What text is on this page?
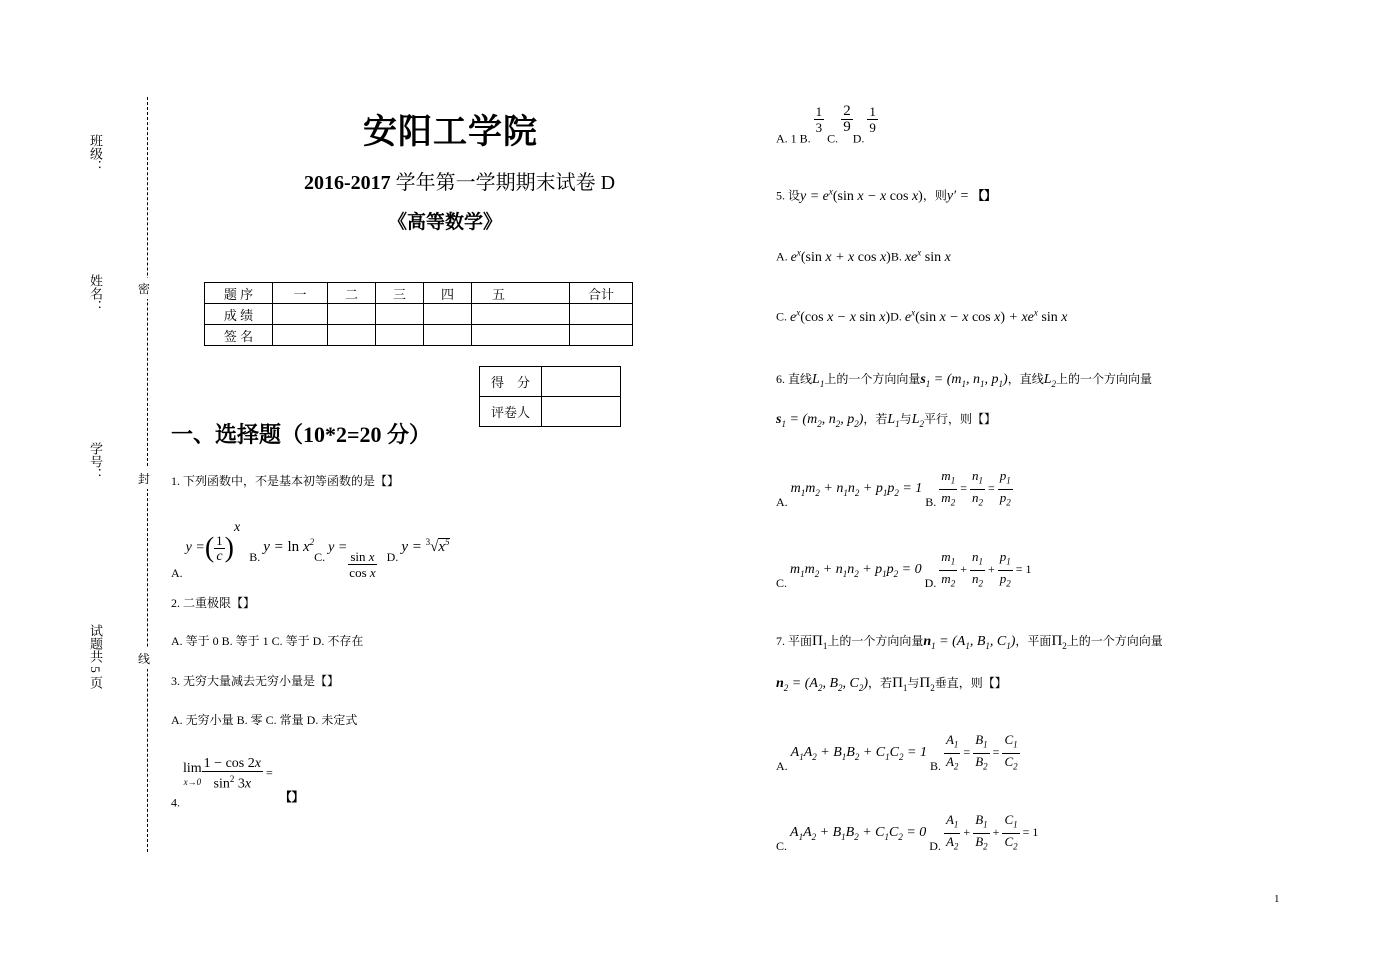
班级：
姓名：
学号：
试题共 5 页
密
封
线
安阳工学院
2016-2017 学年第一学期期末试卷 D
《高等数学》
题 序	一	二	三	四	五	合计
成 绩						
签 名						
得　分	
评卷人	
一、选择题（10*2=20 分）
1. 下列函数中，不是基本初等函数的是【】
A. y =( $\frac{1}{c} )^x$ B. $y = \ln x^2C$. y =
$\frac{\text{sin x}}{\text{cos x}} D$. $y = ^3√x^5$
2. 二重极限【】
A. 等于 0 B. 等于 1 C. 等于 D. 不存在
3. 无穷大量减去无穷小量是【】
A. 无穷小量 B. 零 C. 常量 D. 未定式
4.
lim
$x\to 0 \frac{1 - \cos 2x}{\sin^2 3x}$ = 【】
A. 1 B.
$\frac{1}{3}$
C.
$\frac{2}{9}$
D.
$\frac{1}{9}$
5. 设$y = e^x(\sin$ x − x cos x)，则y′ = 【】
A. $e^x(\sin$ x + x cos x)B. $xe^x$ sin x
C. $e^x(\cos$ x − x sin x)D. $e^x(\sin$ x − x $\cos x) + xe^x$ sin x
6. 直线$L_1$上的一个方向向量$s_1 = (m_1$, $n_1$, $p_1$)，直线$L_2$上的一个方向向量
$s_1 = (m_2$, $n_2$, $p_2$)，若$L_1$与$L_2$平行，则【】
A. $m_1m_2 + n_1n_2 + p_1p_2 = 1$ B. $\frac{m_1}{m_2} = \frac{n_1}{n_2} = \frac{p_1}{p_2}$
C. $m_1m_2 + n_1n_2 + p_1p_2 = 0$ D. $\frac{m_1}{m_2} + \frac{n_1}{n_2} + \frac{p_1}{p_2} = 1$
7. 平面$\Pi_1$上的一个方向向量$n_1 = (A_1$, $B_1$, $C_1$)，平面$\Pi_2$上的一个方向向量
$n_2 = (A_2$, $B_2$, $C_2$)，若$\Pi_1$与$\Pi_2$垂直，则【】
A. $A_1A_2 + B_1B_2 + C_1C_2 = 1$ B. $\frac{A_1}{A_2} = \frac{B_1}{B_2} = \frac{C_1}{C_2}$
C. $A_1A_2 + B_1B_2 + C_1C_2 = 0$ D. $\frac{A_1}{A_2} + \frac{B_1}{B_2} + \frac{C_1}{C_2} = 1$
1
